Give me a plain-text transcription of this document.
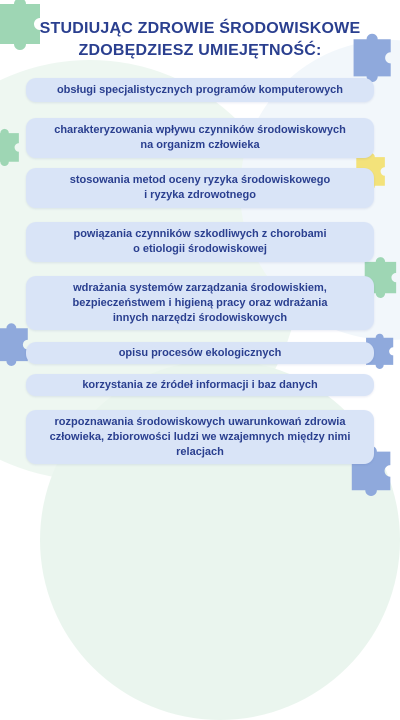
STUDIUJĄC ZDROWIE ŚRODOWISKOWE
ZDOBĘDZIESZ UMIEJĘTNOŚĆ:
obsługi specjalistycznych programów komputerowych
charakteryzowania wpływu czynników środowiskowych
na organizm człowieka
stosowania metod oceny ryzyka środowiskowego
i ryzyka zdrowotnego
powiązania czynników szkodliwych z chorobami
o etiologii środowiskowej
wdrażania systemów zarządzania środowiskiem,
bezpieczeństwem i higieną pracy oraz wdrażania
innych narzędzi środowiskowych
opisu procesów ekologicznych
korzystania ze źródeł informacji i baz danych
rozpoznawania środowiskowych uwarunkowań zdrowia
człowieka, zbiorowości ludzi we wzajemnych między nimi
relacjach
